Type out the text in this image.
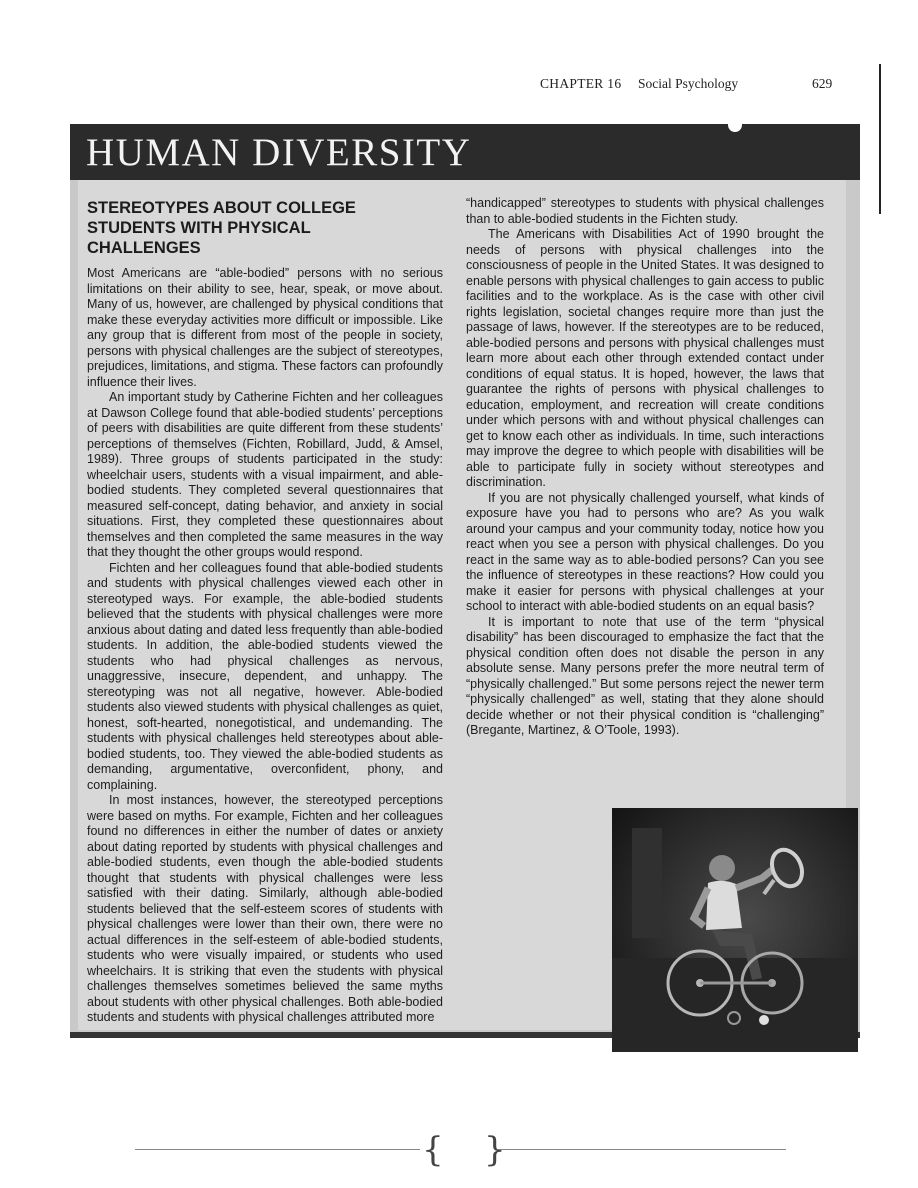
CHAPTER 16 Social Psychology	629
HUMAN DIVERSITY
STEREOTYPES ABOUT COLLEGE STUDENTS WITH PHYSICAL CHALLENGES

Most Americans are “able-bodied” persons with no serious limitations on their ability to see, hear, speak, or move about. Many of us, however, are challenged by physical conditions that make these everyday activities more difficult or impossible. Like any group that is different from most of the people in society, persons with physical challenges are the subject of stereotypes, prejudices, limitations, and stigma. These factors can profoundly influence their lives.

An important study by Catherine Fichten and her colleagues at Dawson College found that able-bodied students’ perceptions of peers with disabilities are quite different from these students’ perceptions of themselves (Fichten, Robillard, Judd, & Amsel, 1989). Three groups of students participated in the study: wheelchair users, students with a visual impairment, and able-bodied students. They completed several questionnaires that measured self-concept, dating behavior, and anxiety in social situations. First, they completed these questionnaires about themselves and then completed the same measures in the way that they thought the other groups would respond.

Fichten and her colleagues found that able-bodied students and students with physical challenges viewed each other in stereotyped ways. For example, the able-bodied students believed that the students with physical challenges were more anxious about dating and dated less frequently than able-bodied students. In addition, the able-bodied students viewed the students who had physical challenges as nervous, unaggressive, insecure, dependent, and unhappy. The stereotyping was not all negative, however. Able-bodied students also viewed students with physical challenges as quiet, honest, soft-hearted, nonegotistical, and undemanding. The students with physical challenges held stereotypes about able-bodied students, too. They viewed the able-bodied students as demanding, argumentative, overconfident, phony, and complaining.

In most instances, however, the stereotyped perceptions were based on myths. For example, Fichten and her colleagues found no differences in either the number of dates or anxiety about dating reported by students with physical challenges and able-bodied students, even though the able-bodied students thought that students with physical challenges were less satisfied with their dating. Similarly, although able-bodied students believed that the self-esteem scores of students with physical challenges were lower than their own, there were no actual differences in the self-esteem of able-bodied students, students who were visually impaired, or students who used wheelchairs. It is striking that even the students with physical challenges themselves sometimes believed the same myths about students with other physical challenges. Both able-bodied students and students with physical challenges attributed more

“handicapped” stereotypes to students with physical challenges than to able-bodied students in the Fichten study.

The Americans with Disabilities Act of 1990 brought the needs of persons with physical challenges into the consciousness of people in the United States. It was designed to enable persons with physical challenges to gain access to public facilities and to the workplace. As is the case with other civil rights legislation, societal changes require more than just the passage of laws, however. If the stereotypes are to be reduced, able-bodied persons and persons with physical challenges must learn more about each other through extended contact under conditions of equal status. It is hoped, however, the laws that guarantee the rights of persons with physical challenges to education, employment, and recreation will create conditions under which persons with and without physical challenges can get to know each other as individuals. In time, such interactions may improve the degree to which people with disabilities will be able to participate fully in society without stereotypes and discrimination.

If you are not physically challenged yourself, what kinds of exposure have you had to persons who are? As you walk around your campus and your community today, notice how you react when you see a person with physical challenges. Do you react in the same way as to able-bodied persons? Can you see the influence of stereotypes in these reactions? How could you make it easier for persons with physical challenges at your school to interact with able-bodied students on an equal basis?

It is important to note that use of the term “physical disability” has been discouraged to emphasize the fact that the physical condition often does not disable the person in any absolute sense. Many persons prefer the more neutral term of “physically challenged.” But some persons reject the newer term “physically challenged” as well, stating that they alone should decide whether or not their physical condition is “challenging” (Bregante, Martinez, & O’Toole, 1993).

{ }
